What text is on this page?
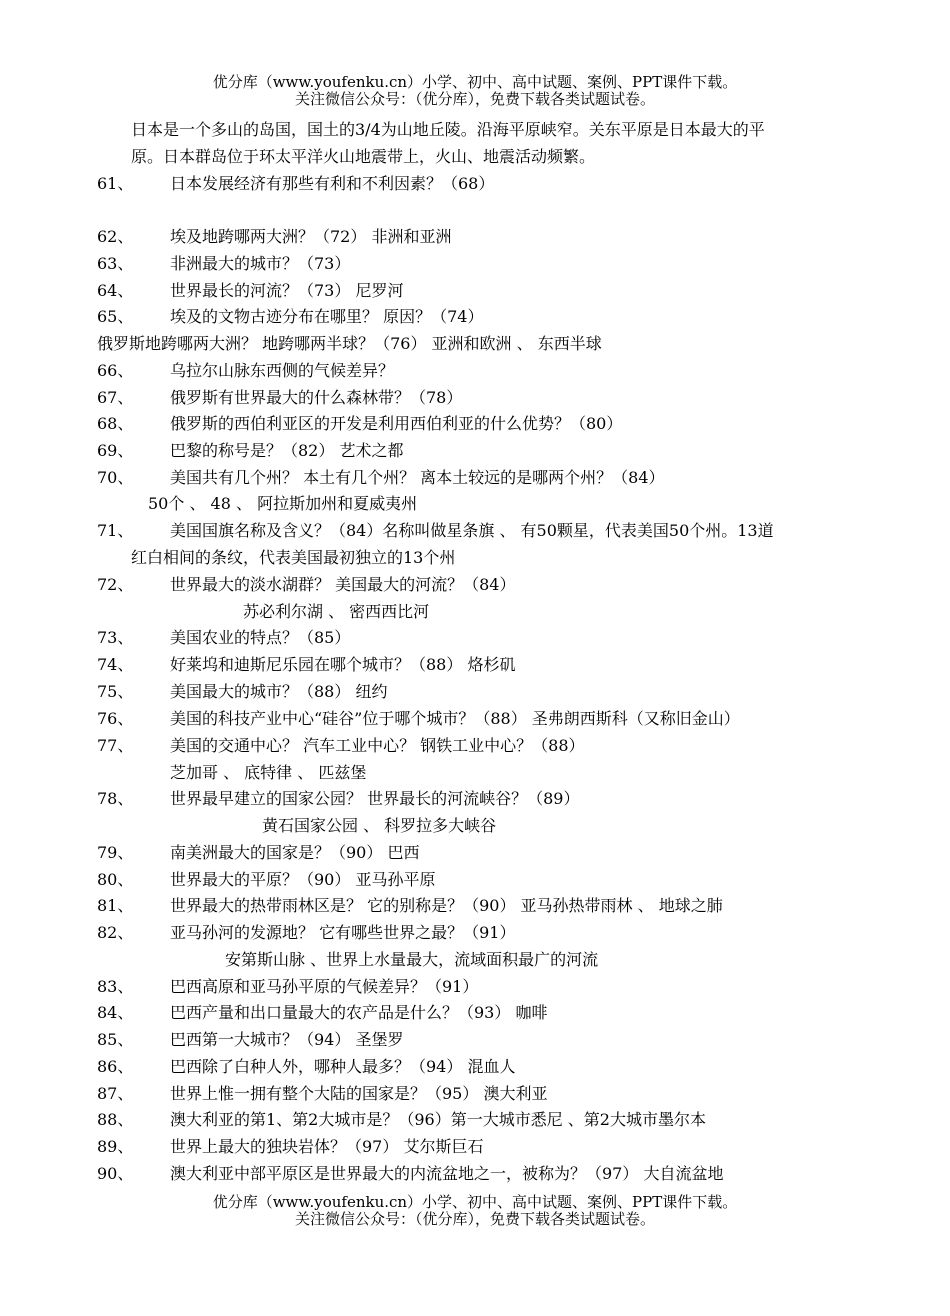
优分库（www.youfenku.cn）小学、初中、高中试题、案例、PPT课件下载。
关注微信公众号：（优分库），免费下载各类试题试卷。
日本是一个多山的岛国，国土的3/4为山地丘陵。沿海平原峡窄。关东平原是日本最大的平
原。日本群岛位于环太平洋火山地震带上，火山、地震活动频繁。
61、 日本发展经济有那些有利和不利因素？（68）
62、 埃及地跨哪两大洲？（72） 非洲和亚洲
63、 非洲最大的城市？（73）
64、 世界最长的河流？（73） 尼罗河
65、 埃及的文物古迹分布在哪里？ 原因？（74）
俄罗斯地跨哪两大洲？ 地跨哪两半球？（76） 亚洲和欧洲 、 东西半球
66、 乌拉尔山脉东西侧的气候差异？
67、 俄罗斯有世界最大的什么森林带？（78）
68、 俄罗斯的西伯利亚区的开发是利用西伯利亚的什么优势？（80）
69、 巴黎的称号是？（82） 艺术之都
70、 美国共有几个州？ 本土有几个州？ 离本土较远的是哪两个州？（84）
50个 、 48 、 阿拉斯加州和夏威夷州
71、 美国国旗名称及含义？（84）名称叫做星条旗 、 有50颗星，代表美国50个州。13道
红白相间的条纹，代表美国最初独立的13个州
72、 世界最大的淡水湖群？ 美国最大的河流？（84）
苏必利尔湖 、 密西西比河
73、 美国农业的特点？（85）
74、 好莱坞和迪斯尼乐园在哪个城市？（88） 烙杉矶
75、 美国最大的城市？（88） 纽约
76、 美国的科技产业中心“硅谷”位于哪个城市？（88） 圣弗朗西斯科（又称旧金山）
77、 美国的交通中心？ 汽车工业中心？ 钢铁工业中心？（88）
芝加哥 、 底特律 、 匹兹堡
78、 世界最早建立的国家公园？ 世界最长的河流峡谷？（89）
黄石国家公园 、 科罗拉多大峡谷
79、 南美洲最大的国家是？（90） 巴西
80、 世界最大的平原？（90） 亚马孙平原
81、 世界最大的热带雨林区是？ 它的别称是？（90） 亚马孙热带雨林 、 地球之肺
82、 亚马孙河的发源地？ 它有哪些世界之最？（91）
安第斯山脉 、世界上水量最大，流域面积最广的河流
83、 巴西高原和亚马孙平原的气候差异？（91）
84、 巴西产量和出口量最大的农产品是什么？（93） 咖啡
85、 巴西第一大城市？（94） 圣堡罗
86、 巴西除了白种人外，哪种人最多？（94） 混血人
87、 世界上惟一拥有整个大陆的国家是？（95） 澳大利亚
88、 澳大利亚的第1、第2大城市是？（96）第一大城市悉尼 、第2大城市墨尔本
89、 世界上最大的独块岩体？（97） 艾尔斯巨石
90、 澳大利亚中部平原区是世界最大的内流盆地之一，被称为？（97） 大自流盆地
优分库（www.youfenku.cn）小学、初中、高中试题、案例、PPT课件下载。
关注微信公众号：（优分库），免费下载各类试题试卷。
